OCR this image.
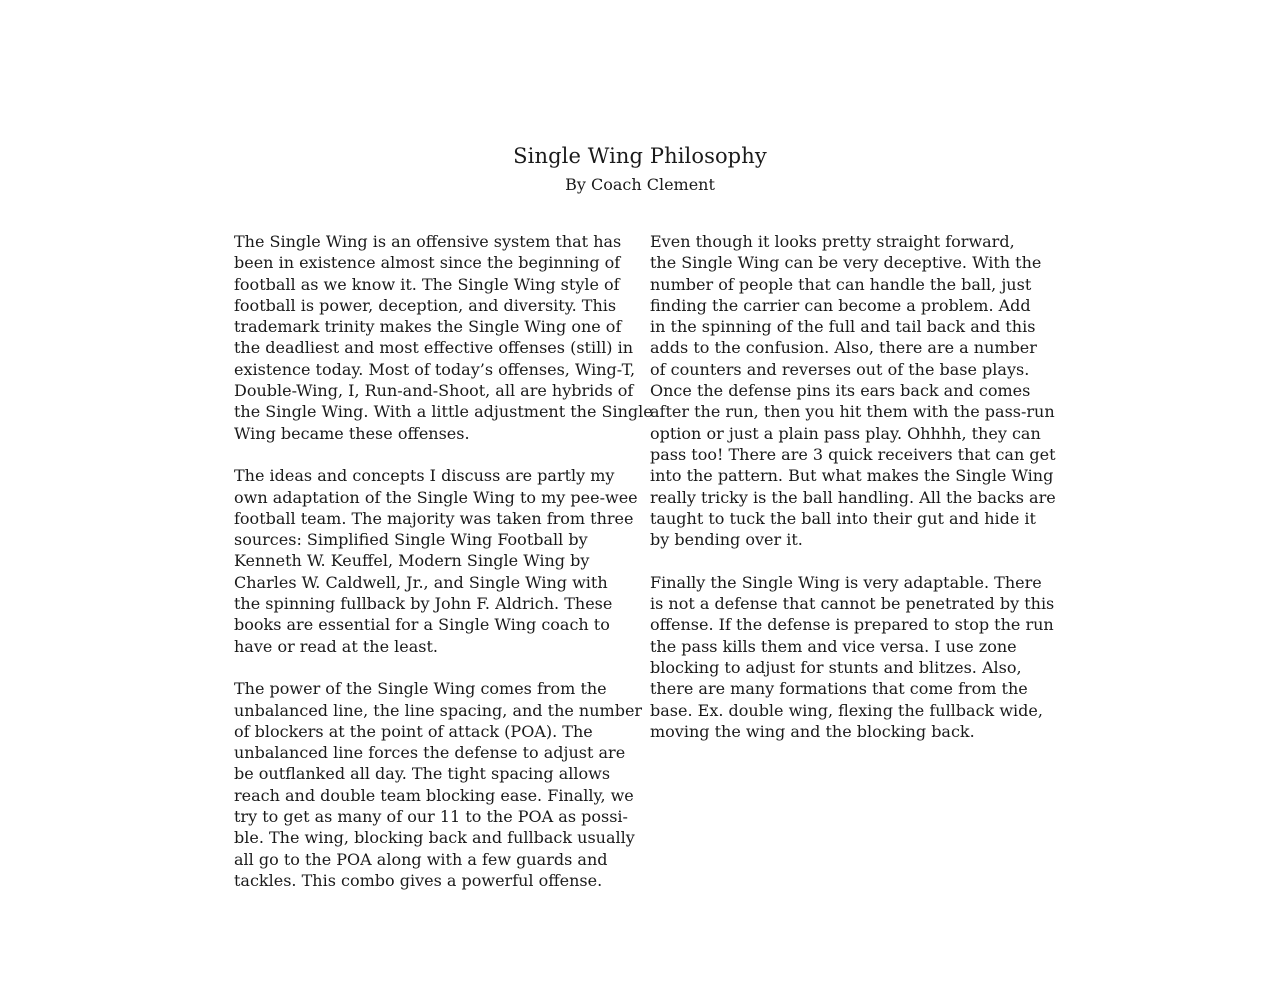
Single Wing Philosophy
By Coach Clement
The Single Wing is an offensive system that has
been in existence almost since the beginning of
football as we know it. The Single Wing style of
football is power, deception, and diversity. This
trademark trinity makes the Single Wing one of
the deadliest and most effective offenses (still) in
existence today. Most of today’s offenses, Wing-T,
Double-Wing, I, Run-and-Shoot, all are hybrids of
the Single Wing. With a little adjustment the Single
Wing became these offenses.
The ideas and concepts I discuss are partly my
own adaptation of the Single Wing to my pee-wee
football team. The majority was taken from three
sources: Simplified Single Wing Football by
Kenneth W. Keuffel, Modern Single Wing by
Charles W. Caldwell, Jr., and Single Wing with
the spinning fullback by John F. Aldrich. These
books are essential for a Single Wing coach to
have or read at the least.
The power of the Single Wing comes from the
unbalanced line, the line spacing, and the number
of blockers at the point of attack (POA). The
unbalanced line forces the defense to adjust are
be outflanked all day. The tight spacing allows
reach and double team blocking ease. Finally, we
try to get as many of our 11 to the POA as possi-
ble. The wing, blocking back and fullback usually
all go to the POA along with a few guards and
tackles. This combo gives a powerful offense.
Even though it looks pretty straight forward,
the Single Wing can be very deceptive. With the
number of people that can handle the ball, just
finding the carrier can become a problem. Add
in the spinning of the full and tail back and this
adds to the confusion. Also, there are a number
of counters and reverses out of the base plays.
Once the defense pins its ears back and comes
after the run, then you hit them with the pass-run
option or just a plain pass play. Ohhhh, they can
pass too! There are 3 quick receivers that can get
into the pattern. But what makes the Single Wing
really tricky is the ball handling. All the backs are
taught to tuck the ball into their gut and hide it
by bending over it.
Finally the Single Wing is very adaptable. There
is not a defense that cannot be penetrated by this
offense. If the defense is prepared to stop the run
the pass kills them and vice versa. I use zone
blocking to adjust for stunts and blitzes. Also,
there are many formations that come from the
base. Ex. double wing, flexing the fullback wide,
moving the wing and the blocking back.
